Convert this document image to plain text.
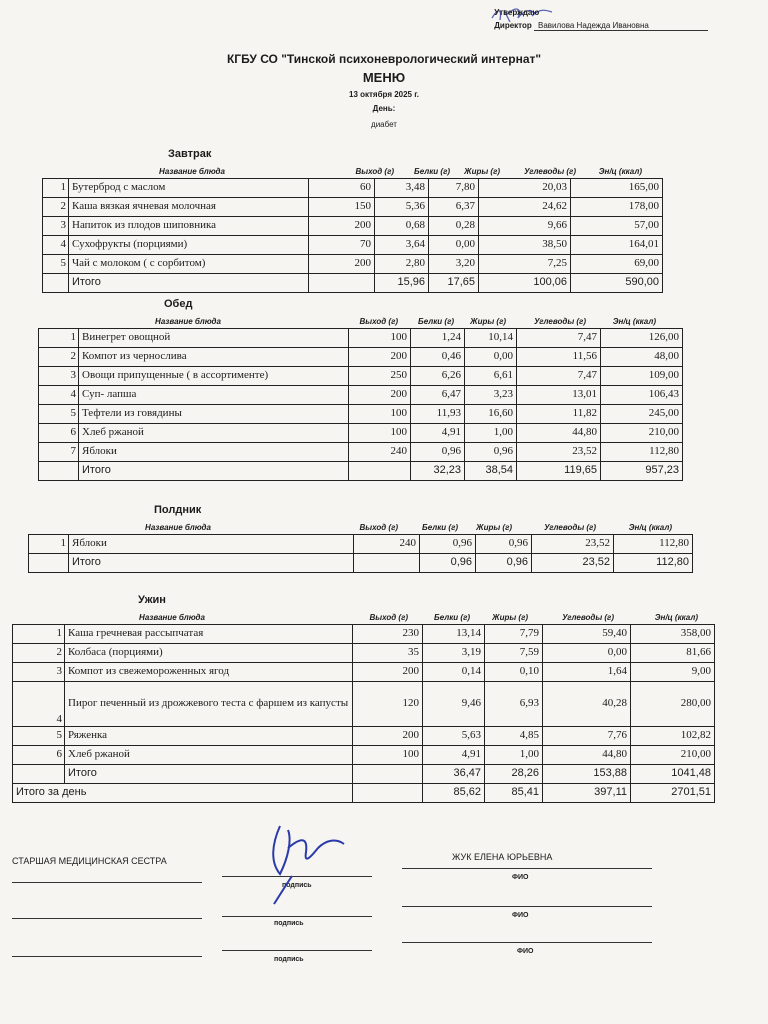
Утверждаю
Директор Вавилова Надежда Ивановна
КГБУ СО "Тинской психоневрологический интернат"
МЕНЮ
13 октября 2025 г.
День:
диабет
Завтрак
Название блюда	Выход (г)	Белки (г)	Жиры (г)	Углеводы (г)	Эн/ц (ккал)
1	Бутерброд с маслом	60	3,48	7,80	20,03	165,00
2	Каша вязкая ячневая молочная	150	5,36	6,37	24,62	178,00
3	Напиток из плодов шиповника	200	0,68	0,28	9,66	57,00
4	Сухофрукты (порциями)	70	3,64	0,00	38,50	164,01
5	Чай с молоком ( с сорбитом)	200	2,80	3,20	7,25	69,00
	Итого		15,96	17,65	100,06	590,00
Обед
Название блюда	Выход (г)	Белки (г)	Жиры (г)	Углеводы (г)	Эн/ц (ккал)
1	Винегрет овощной	100	1,24	10,14	7,47	126,00
2	Компот из чернослива	200	0,46	0,00	11,56	48,00
3	Овощи припущенные ( в ассортименте)	250	6,26	6,61	7,47	109,00
4	Суп- лапша	200	6,47	3,23	13,01	106,43
5	Тефтели из говядины	100	11,93	16,60	11,82	245,00
6	Хлеб ржаной	100	4,91	1,00	44,80	210,00
7	Яблоки	240	0,96	0,96	23,52	112,80
	Итого		32,23	38,54	119,65	957,23
Полдник
Название блюда	Выход (г)	Белки (г)	Жиры (г)	Углеводы (г)	Эн/ц (ккал)
1	Яблоки	240	0,96	0,96	23,52	112,80
	Итого		0,96	0,96	23,52	112,80
Ужин
Название блюда	Выход (г)	Белки (г)	Жиры (г)	Углеводы (г)	Эн/ц (ккал)
1	Каша гречневая рассыпчатая	230	13,14	7,79	59,40	358,00
2	Колбаса (порциями)	35	3,19	7,59	0,00	81,66
3	Компот из свежемороженных ягод	200	0,14	0,10	1,64	9,00
4	Пирог печенный из дрожжевого теста с фаршем из капусты	120	9,46	6,93	40,28	280,00
5	Ряженка	200	5,63	4,85	7,76	102,82
6	Хлеб ржаной	100	4,91	1,00	44,80	210,00
	Итого		36,47	28,26	153,88	1041,48
Итого за день			85,62	85,41	397,11	2701,51
СТАРШАЯ МЕДИЦИНСКАЯ СЕСТРА
подпись
ЖУК ЕЛЕНА ЮРЬЕВНА
ФИО
подпись
ФИО
подпись
ФИО
